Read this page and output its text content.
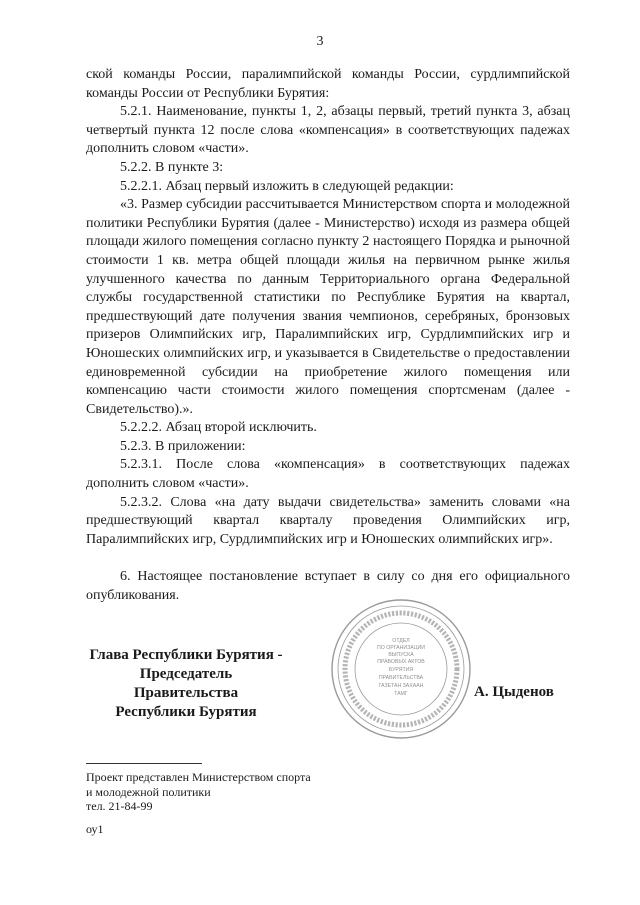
3

ской команды России, паралимпийской команды России, сурдлимпийской команды России от Республики Бурятия:

5.2.1. Наименование, пункты 1, 2, абзацы первый, третий пункта 3, абзац четвертый пункта 12 после слова «компенсация» в соответствующих падежах дополнить словом «части».

5.2.2. В пункте 3:

5.2.2.1. Абзац первый изложить в следующей редакции:

«3. Размер субсидии рассчитывается Министерством спорта и молодежной политики Республики Бурятия (далее - Министерство) исходя из размера общей площади жилого помещения согласно пункту 2 настоящего Порядка и рыночной стоимости 1 кв. метра общей площади жилья на первичном рынке жилья улучшенного качества по данным Территориального органа Федеральной службы государственной статистики по Республике Бурятия на квартал, предшествующий дате получения звания чемпионов, серебряных, бронзовых призеров Олимпийских игр, Паралимпийских игр, Сурдлимпийских игр и Юношеских олимпийских игр, и указывается в Свидетельстве о предоставлении единовременной субсидии на приобретение жилого помещения или компенсацию части стоимости жилого помещения спортсменам (далее - Свидетельство).».

5.2.2.2. Абзац второй исключить.

5.2.3. В приложении:

5.2.3.1. После слова «компенсация» в соответствующих падежах дополнить словом «части».

5.2.3.2. Слова «на дату выдачи свидетельства» заменить словами «на предшествующий квартал кварталу проведения Олимпийских игр, Паралимпийских игр, Сурдлимпийских игр и Юношеских олимпийских игр».

6. Настоящее постановление вступает в силу со дня его официального опубликования.

ОТДЕЛ
ПО ОРГАНИЗАЦИИ
ВЫПУСКА
ПРАВОВЫХ АКТОВ
БУРЯТИЯ
ПРАВИТЕЛЬСТВА
ГАЗЕТАН ЗАХААН
ТАМГ
Глава Республики Бурятия -
Председатель Правительства
Республики Бурятия
А. Цыденов
Проект представлен Министерством спорта
и молодежной политики
тел. 21-84-99
оу1
